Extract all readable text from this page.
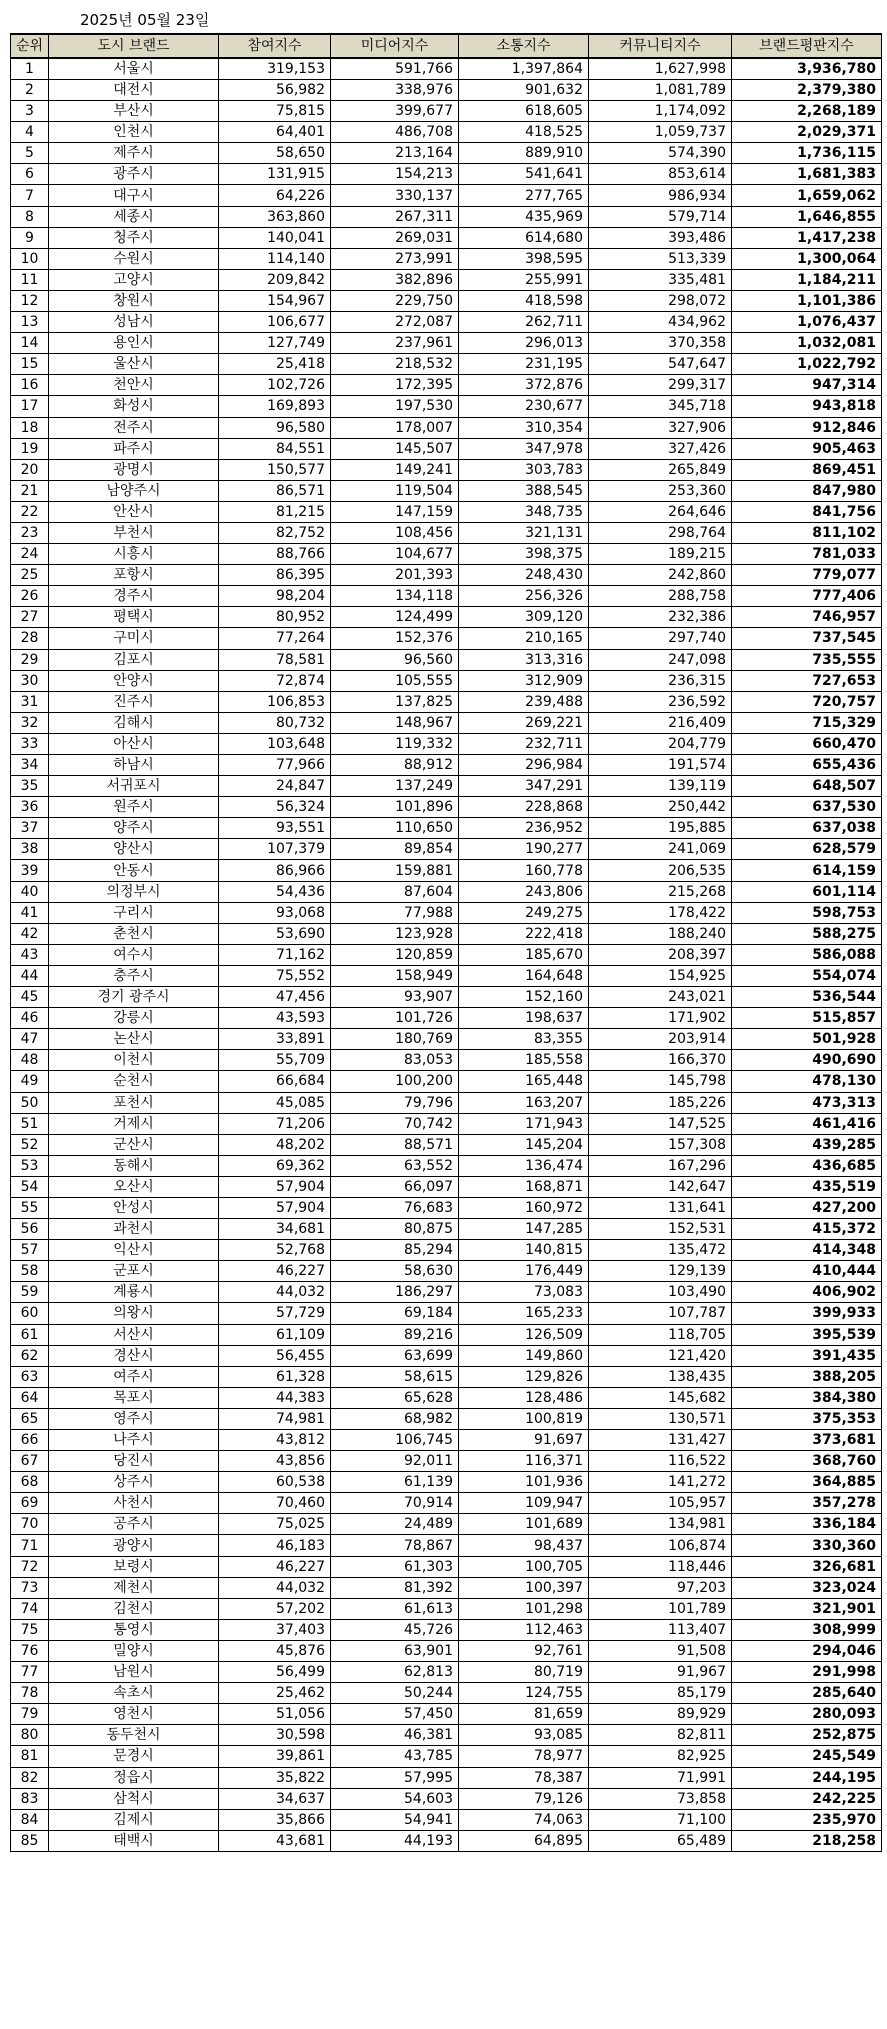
2025년 05월 23일
순위	도시 브랜드	참여지수	미디어지수	소통지수	커뮤니티지수	브랜드평판지수
1	서울시	319,153	591,766	1,397,864	1,627,998	3,936,780
2	대전시	56,982	338,976	901,632	1,081,789	2,379,380
3	부산시	75,815	399,677	618,605	1,174,092	2,268,189
4	인천시	64,401	486,708	418,525	1,059,737	2,029,371
5	제주시	58,650	213,164	889,910	574,390	1,736,115
6	광주시	131,915	154,213	541,641	853,614	1,681,383
7	대구시	64,226	330,137	277,765	986,934	1,659,062
8	세종시	363,860	267,311	435,969	579,714	1,646,855
9	청주시	140,041	269,031	614,680	393,486	1,417,238
10	수원시	114,140	273,991	398,595	513,339	1,300,064
11	고양시	209,842	382,896	255,991	335,481	1,184,211
12	창원시	154,967	229,750	418,598	298,072	1,101,386
13	성남시	106,677	272,087	262,711	434,962	1,076,437
14	용인시	127,749	237,961	296,013	370,358	1,032,081
15	울산시	25,418	218,532	231,195	547,647	1,022,792
16	천안시	102,726	172,395	372,876	299,317	947,314
17	화성시	169,893	197,530	230,677	345,718	943,818
18	전주시	96,580	178,007	310,354	327,906	912,846
19	파주시	84,551	145,507	347,978	327,426	905,463
20	광명시	150,577	149,241	303,783	265,849	869,451
21	남양주시	86,571	119,504	388,545	253,360	847,980
22	안산시	81,215	147,159	348,735	264,646	841,756
23	부천시	82,752	108,456	321,131	298,764	811,102
24	시흥시	88,766	104,677	398,375	189,215	781,033
25	포항시	86,395	201,393	248,430	242,860	779,077
26	경주시	98,204	134,118	256,326	288,758	777,406
27	평택시	80,952	124,499	309,120	232,386	746,957
28	구미시	77,264	152,376	210,165	297,740	737,545
29	김포시	78,581	96,560	313,316	247,098	735,555
30	안양시	72,874	105,555	312,909	236,315	727,653
31	진주시	106,853	137,825	239,488	236,592	720,757
32	김해시	80,732	148,967	269,221	216,409	715,329
33	아산시	103,648	119,332	232,711	204,779	660,470
34	하남시	77,966	88,912	296,984	191,574	655,436
35	서귀포시	24,847	137,249	347,291	139,119	648,507
36	원주시	56,324	101,896	228,868	250,442	637,530
37	양주시	93,551	110,650	236,952	195,885	637,038
38	양산시	107,379	89,854	190,277	241,069	628,579
39	안동시	86,966	159,881	160,778	206,535	614,159
40	의정부시	54,436	87,604	243,806	215,268	601,114
41	구리시	93,068	77,988	249,275	178,422	598,753
42	춘천시	53,690	123,928	222,418	188,240	588,275
43	여수시	71,162	120,859	185,670	208,397	586,088
44	충주시	75,552	158,949	164,648	154,925	554,074
45	경기 광주시	47,456	93,907	152,160	243,021	536,544
46	강릉시	43,593	101,726	198,637	171,902	515,857
47	논산시	33,891	180,769	83,355	203,914	501,928
48	이천시	55,709	83,053	185,558	166,370	490,690
49	순천시	66,684	100,200	165,448	145,798	478,130
50	포천시	45,085	79,796	163,207	185,226	473,313
51	거제시	71,206	70,742	171,943	147,525	461,416
52	군산시	48,202	88,571	145,204	157,308	439,285
53	동해시	69,362	63,552	136,474	167,296	436,685
54	오산시	57,904	66,097	168,871	142,647	435,519
55	안성시	57,904	76,683	160,972	131,641	427,200
56	과천시	34,681	80,875	147,285	152,531	415,372
57	익산시	52,768	85,294	140,815	135,472	414,348
58	군포시	46,227	58,630	176,449	129,139	410,444
59	계룡시	44,032	186,297	73,083	103,490	406,902
60	의왕시	57,729	69,184	165,233	107,787	399,933
61	서산시	61,109	89,216	126,509	118,705	395,539
62	경산시	56,455	63,699	149,860	121,420	391,435
63	여주시	61,328	58,615	129,826	138,435	388,205
64	목포시	44,383	65,628	128,486	145,682	384,380
65	영주시	74,981	68,982	100,819	130,571	375,353
66	나주시	43,812	106,745	91,697	131,427	373,681
67	당진시	43,856	92,011	116,371	116,522	368,760
68	상주시	60,538	61,139	101,936	141,272	364,885
69	사천시	70,460	70,914	109,947	105,957	357,278
70	공주시	75,025	24,489	101,689	134,981	336,184
71	광양시	46,183	78,867	98,437	106,874	330,360
72	보령시	46,227	61,303	100,705	118,446	326,681
73	제천시	44,032	81,392	100,397	97,203	323,024
74	김천시	57,202	61,613	101,298	101,789	321,901
75	통영시	37,403	45,726	112,463	113,407	308,999
76	밀양시	45,876	63,901	92,761	91,508	294,046
77	남원시	56,499	62,813	80,719	91,967	291,998
78	속초시	25,462	50,244	124,755	85,179	285,640
79	영천시	51,056	57,450	81,659	89,929	280,093
80	동두천시	30,598	46,381	93,085	82,811	252,875
81	문경시	39,861	43,785	78,977	82,925	245,549
82	정읍시	35,822	57,995	78,387	71,991	244,195
83	삼척시	34,637	54,603	79,126	73,858	242,225
84	김제시	35,866	54,941	74,063	71,100	235,970
85	태백시	43,681	44,193	64,895	65,489	218,258
